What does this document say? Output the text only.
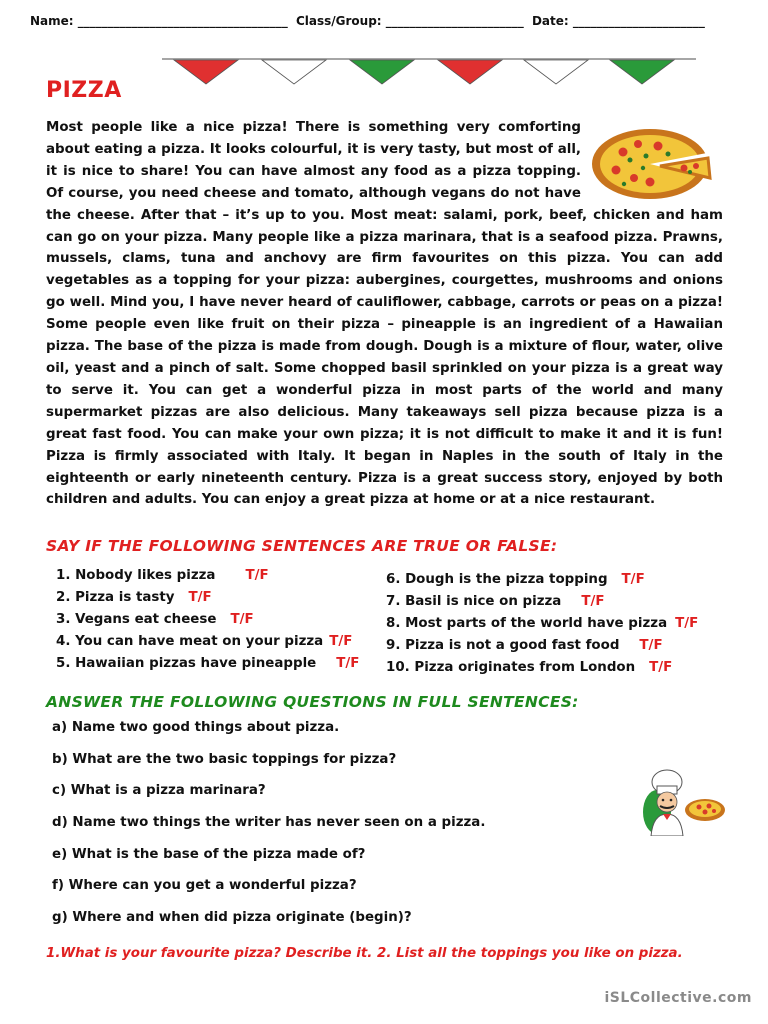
Name: ___________________________________ Class/Group: _______________________ Date: ______________________
PIZZA

Most people like a nice pizza! There is something very comforting about eating a pizza. It looks colourful, it is very tasty, but most of all, it is nice to share! You can have almost any food as a pizza topping. Of course, you need cheese and tomato, although vegans do not have the cheese. After that – it’s up to you. Most meat: salami, pork, beef, chicken and ham can go on your pizza. Many people like a pizza marinara, that is a seafood pizza. Prawns, mussels, clams, tuna and anchovy are firm favourites on this pizza. You can add vegetables as a topping for your pizza: aubergines, courgettes, mushrooms and onions go well. Mind you, I have never heard of cauliflower, cabbage, carrots or peas on a pizza! Some people even like fruit on their pizza – pineapple is an ingredient of a Hawaiian pizza. The base of the pizza is made from dough. Dough is a mixture of flour, water, olive oil, yeast and a pinch of salt. Some chopped basil sprinkled on your pizza is a great way to serve it. You can get a wonderful pizza in most parts of the world and many supermarket pizzas are also delicious. Many takeaways sell pizza because pizza is a great fast food. You can make your own pizza; it is not difficult to make it and it is fun! Pizza is firmly associated with Italy. It began in Naples in the south of Italy in the eighteenth or early nineteenth century. Pizza is a great success story, enjoyed by both children and adults. You can enjoy a great pizza at home or at a nice restaurant.

SAY IF THE FOLLOWING SENTENCES ARE TRUE OR FALSE:
1. Nobody likes pizza T/F
2. Pizza is tasty T/F
3. Vegans eat cheese T/F
4. You can have meat on your pizza T/F
5. Hawaiian pizzas have pineapple T/F
6. Dough is the pizza topping T/F
7. Basil is nice on pizza T/F
8. Most parts of the world have pizza T/F
9. Pizza is not a good fast food T/F
10. Pizza originates from London T/F
ANSWER THE FOLLOWING QUESTIONS IN FULL SENTENCES:
a) Name two good things about pizza.
b) What are the two basic toppings for pizza?
c) What is a pizza marinara?
d) Name two things the writer has never seen on a pizza.
e) What is the base of the pizza made of?
f) Where can you get a wonderful pizza?
g) Where and when did pizza originate (begin)?

1.What is your favourite pizza? Describe it. 2. List all the toppings you like on pizza.

iSLCollective.com
